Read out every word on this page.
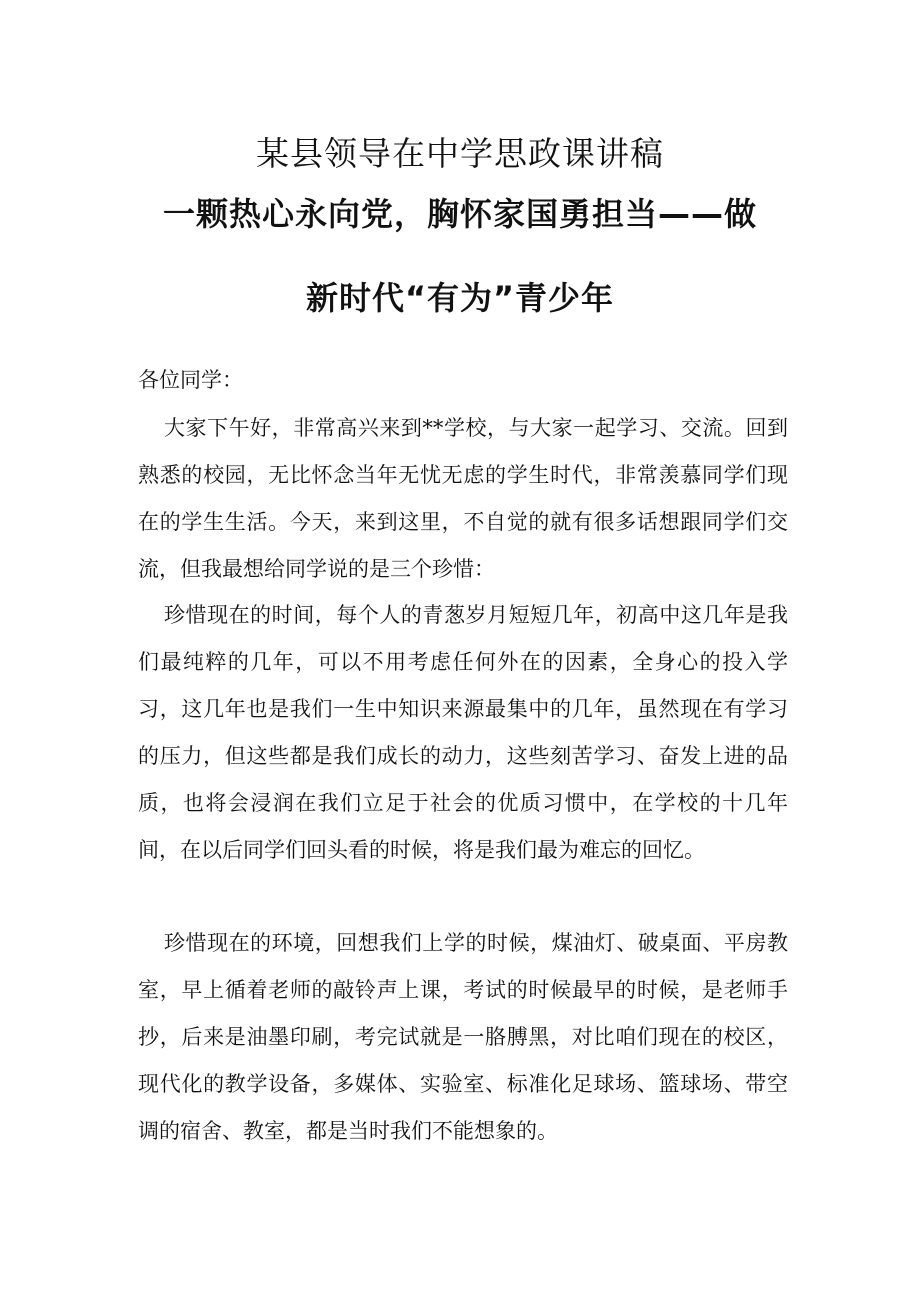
某县领导在中学思政课讲稿
一颗热心永向党，胸怀家国勇担当——做
新时代“有为”青少年

各位同学：

大家下午好，非常高兴来到**学校，与大家一起学习、交流。回到熟悉的校园，无比怀念当年无忧无虑的学生时代，非常羡慕同学们现在的学生生活。今天，来到这里，不自觉的就有很多话想跟同学们交流，但我最想给同学说的是三个珍惜：

珍惜现在的时间，每个人的青葱岁月短短几年，初高中这几年是我们最纯粹的几年，可以不用考虑任何外在的因素，全身心的投入学习，这几年也是我们一生中知识来源最集中的几年，虽然现在有学习的压力，但这些都是我们成长的动力，这些刻苦学习、奋发上进的品质，也将会浸润在我们立足于社会的优质习惯中，在学校的十几年间，在以后同学们回头看的时候，将是我们最为难忘的回忆。

珍惜现在的环境，回想我们上学的时候，煤油灯、破桌面、平房教室，早上循着老师的敲铃声上课，考试的时候最早的时候，是老师手抄，后来是油墨印刷，考完试就是一胳膊黑，对比咱们现在的校区，现代化的教学设备，多媒体、实验室、标准化足球场、篮球场、带空调的宿舍、教室，都是当时我们不能想象的。
